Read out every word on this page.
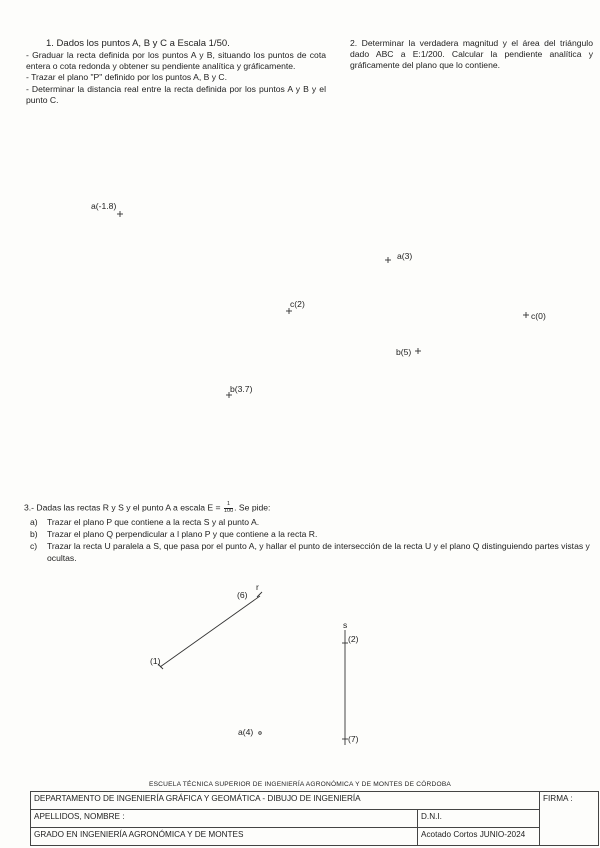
1. Dados los puntos A, B y C a Escala 1/50.
- Graduar la recta definida por los puntos A y B, situando los puntos de cota entera o cota redonda y obtener su pendiente analítica y gráficamente.
- Trazar el plano "P" definido por los puntos A, B y C.
- Determinar la distancia real entre la recta definida por los puntos A y B y el punto C.
2. Determinar la verdadera magnitud y el área del triángulo dado ABC a E:1/200. Calcular la pendiente analítica y gráficamente del plano que lo contiene.
a(-1.8)
c(2)
b(3.7)
a(3)
c(0)
b(5)
3.- Dadas las rectas R y S y el punto A a escala $E = \frac{1}{100}$ . Se pide:
a)	Trazar el plano P que contiene a la recta S y al punto A.
b)	Trazar el plano Q perpendicular a l plano P y que contiene a la recta R.
c)	Trazar la recta U paralela a S, que pasa por el punto A, y hallar el punto de intersección de la recta U y el plano Q distinguiendo partes vistas y ocultas.
r
(6)
(1)
s
(2)
(7)
a(4)
ESCUELA TÉCNICA SUPERIOR DE INGENIERÍA AGRONÓMICA Y DE MONTES DE CÓRDOBA
DEPARTAMENTO DE INGENIERÍA GRÁFICA Y GEOMÁTICA - DIBUJO DE INGENIERÍA		FIRMA :
APELLIDOS, NOMBRE :	D.N.I.	
GRADO EN INGENIERÍA AGRONÓMICA Y DE MONTES	Acotado Cortos JUNIO-2024	
